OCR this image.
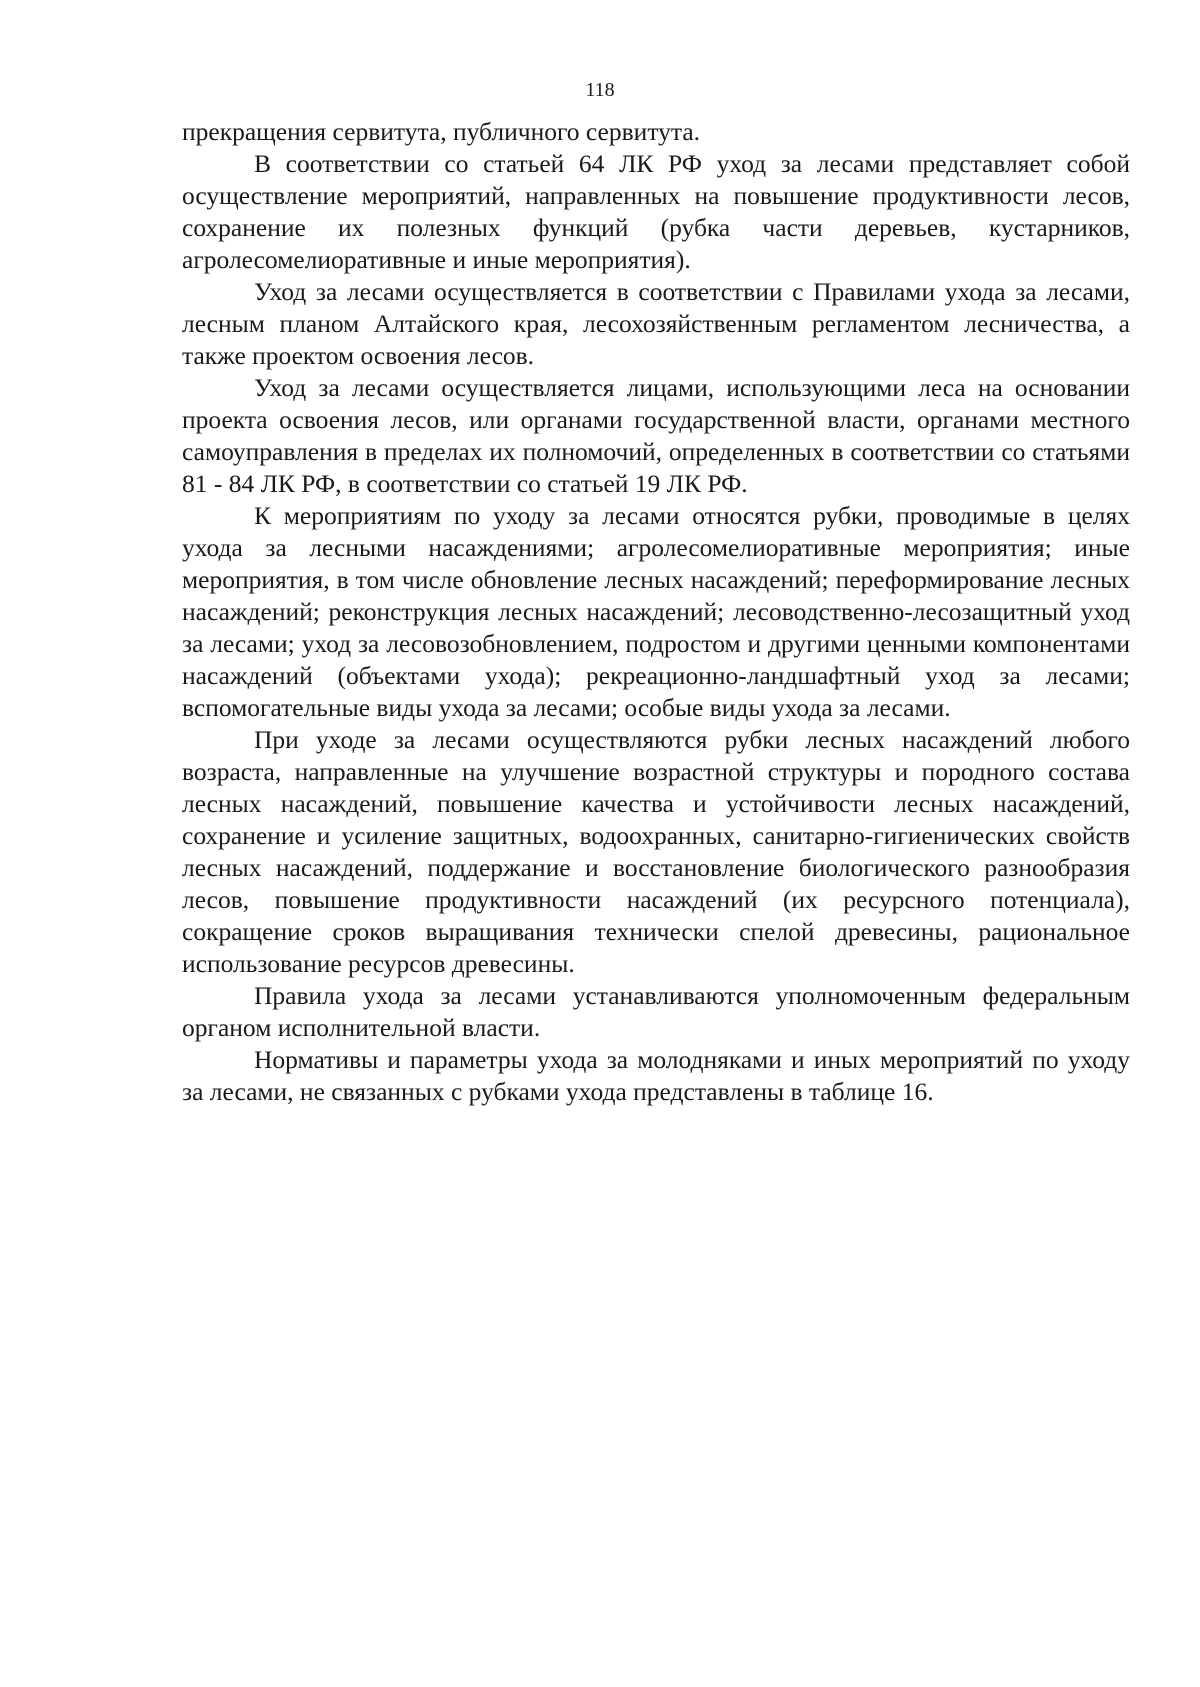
118

прекращения сервитута, публичного сервитута.

В соответствии со статьей 64 ЛК РФ уход за лесами представляет собой осуществление мероприятий, направленных на повышение продуктивности лесов, сохранение их полезных функций (рубка части деревьев, кустарников, агролесомелиоративные и иные мероприятия).

Уход за лесами осуществляется в соответствии с Правилами ухода за лесами, лесным планом Алтайского края, лесохозяйственным регламентом лесничества, а также проектом освоения лесов.

Уход за лесами осуществляется лицами, использующими леса на основании проекта освоения лесов, или органами государственной власти, органами местного самоуправления в пределах их полномочий, определенных в соответствии со статьями 81 - 84 ЛК РФ, в соответствии со статьей 19 ЛК РФ.

К мероприятиям по уходу за лесами относятся рубки, проводимые в целях ухода за лесными насаждениями; агролесомелиоративные мероприятия; иные мероприятия, в том числе обновление лесных насаждений; переформирование лесных насаждений; реконструкция лесных насаждений; лесоводственно-лесозащитный уход за лесами; уход за лесовозобновлением, подростом и другими ценными компонентами насаждений (объектами ухода); рекреационно-ландшафтный уход за лесами; вспомогательные виды ухода за лесами; особые виды ухода за лесами.

При уходе за лесами осуществляются рубки лесных насаждений любого возраста, направленные на улучшение возрастной структуры и породного состава лесных насаждений, повышение качества и устойчивости лесных насаждений, сохранение и усиление защитных, водоохранных, санитарно-гигиенических свойств лесных насаждений, поддержание и восстановление биологического разнообразия лесов, повышение продуктивности насаждений (их ресурсного потенциала), сокращение сроков выращивания технически спелой древесины, рациональное использование ресурсов древесины.

Правила ухода за лесами устанавливаются уполномоченным федеральным органом исполнительной власти.

Нормативы и параметры ухода за молодняками и иных мероприятий по уходу за лесами, не связанных с рубками ухода представлены в таблице 16.
